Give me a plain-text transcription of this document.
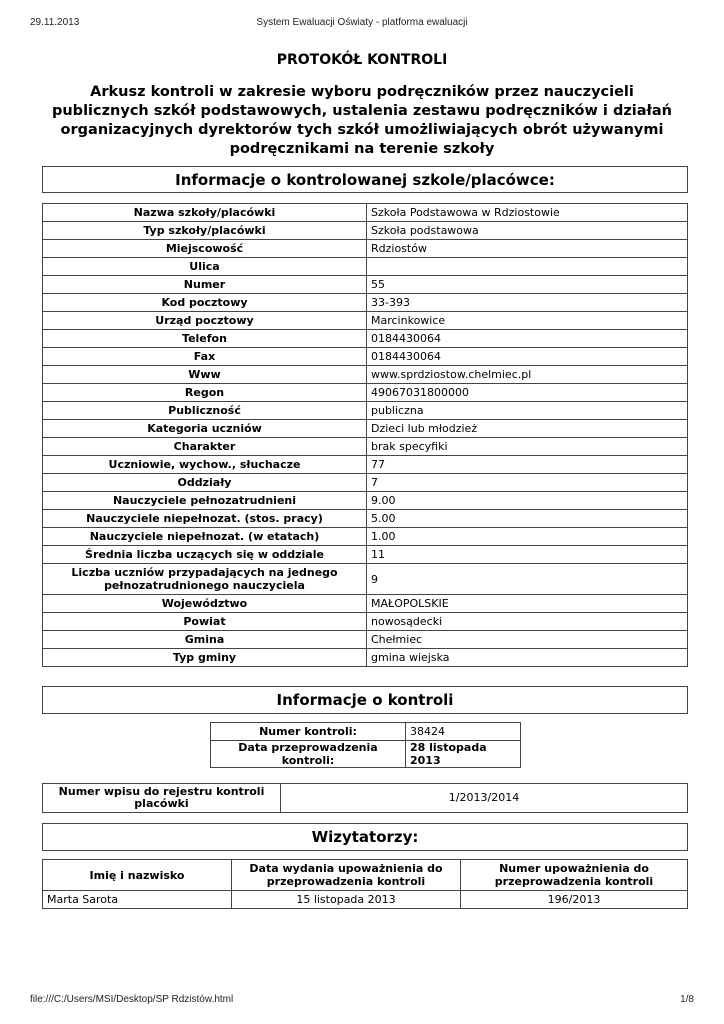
29.11.2013	System Ewaluacji Oświaty - platforma ewaluacji
PROTOKÓŁ KONTROLI
Arkusz kontroli w zakresie wyboru podręczników przez nauczycieli publicznych szkół podstawowych, ustalenia zestawu podręczników i działań organizacyjnych dyrektorów tych szkół umożliwiających obrót używanymi podręcznikami na terenie szkoły
Informacje o kontrolowanej szkole/placówce:
Nazwa szkoły/placówki	Szkoła Podstawowa w Rdziostowie
Typ szkoły/placówki	Szkoła podstawowa
Miejscowość	Rdziostów
Ulica	
Numer	55
Kod pocztowy	33-393
Urząd pocztowy	Marcinkowice
Telefon	0184430064
Fax	0184430064
Www	www.sprdziostow.chelmiec.pl
Regon	49067031800000
Publiczność	publiczna
Kategoria uczniów	Dzieci lub młodzież
Charakter	brak specyfiki
Uczniowie, wychow., słuchacze	77
Oddziały	7
Nauczyciele pełnozatrudnieni	9.00
Nauczyciele niepełnozat. (stos. pracy)	5.00
Nauczyciele niepełnozat. (w etatach)	1.00
Średnia liczba uczących się w oddziale	11
Liczba uczniów przypadających na jednego pełnozatrudnionego nauczyciela	9
Województwo	MAŁOPOLSKIE
Powiat	nowosądecki
Gmina	Chełmiec
Typ gminy	gmina wiejska
Informacje o kontroli
Numer kontroli:	38424
Data przeprowadzenia kontroli:	28 listopada 2013
Numer wpisu do rejestru kontroli placówki	1/2013/2014
Wizytatorzy:
Imię i nazwisko	Data wydania upoważnienia do przeprowadzenia kontroli	Numer upoważnienia do przeprowadzenia kontroli
Marta Sarota	15 listopada 2013	196/2013
file:///C:/Users/MSI/Desktop/SP Rdzistów.html	1/8
